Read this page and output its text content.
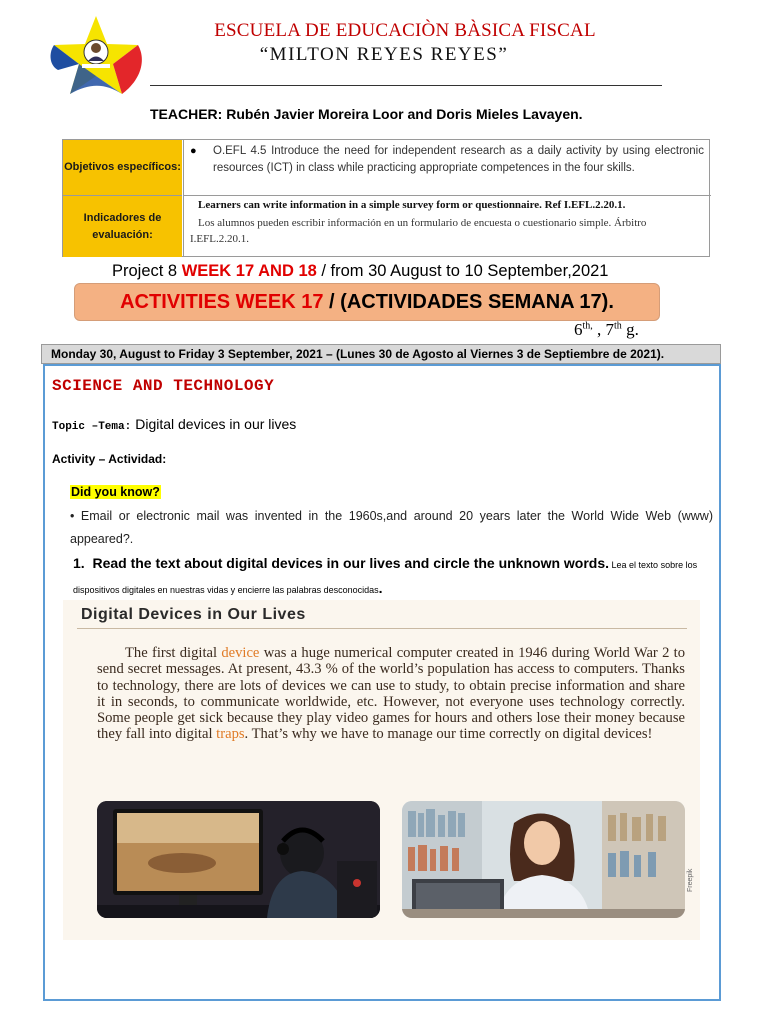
ESCUELA DE EDUCACIÒN BÀSICA FISCAL
“MILTON REYES REYES”
TEACHER: Rubén Javier Moreira Loor and Doris Mieles Lavayen.
Objetivos específicos:
● O.EFL 4.5 Introduce the need for independent research as a daily activity by using electronic resources (ICT) in class while practicing appropriate competences in the four skills.
Indicadores de evaluación:
Learners can write information in a simple survey form or questionnaire. Ref I.EFL.2.20.1.
Los alumnos pueden escribir información en un formulario de encuesta o cuestionario simple. Árbitro I.EFL.2.20.1.
Project 8 WEEK 17 AND 18 / from 30 August to 10 September,2021
ACTIVITIES WEEK 17 / (ACTIVIDADES SEMANA 17).
$6^{th,}$ , 7th g.
Monday 30, August to Friday 3 September, 2021 – (Lunes 30 de Agosto al Viernes 3 de Septiembre de 2021).
SCIENCE AND TECHNOLOGY
Topic –Tema: Digital devices in our lives
Activity – Actividad:
Did you know?
• Email or electronic mail was invented in the 1960s,and around 20 years later the World Wide Web (www) appeared?.
1. Read the text about digital devices in our lives and circle the unknown words. Lea el texto sobre los dispositivos digitales en nuestras vidas y encierre las palabras desconocidas.
Digital Devices in Our Lives
The first digital device was a huge numerical computer created in 1946 during World War 2 to send secret messages. At present, 43.3 % of the world’s population has access to computers. Thanks to technology, there are lots of devices we can use to study, to obtain precise information and share it in seconds, to communicate worldwide, etc. However, not everyone uses technology correctly. Some people get sick because they play video games for hours and others lose their money because they fall into digital traps. That’s why we have to manage our time correctly on digital devices!
Freepik
